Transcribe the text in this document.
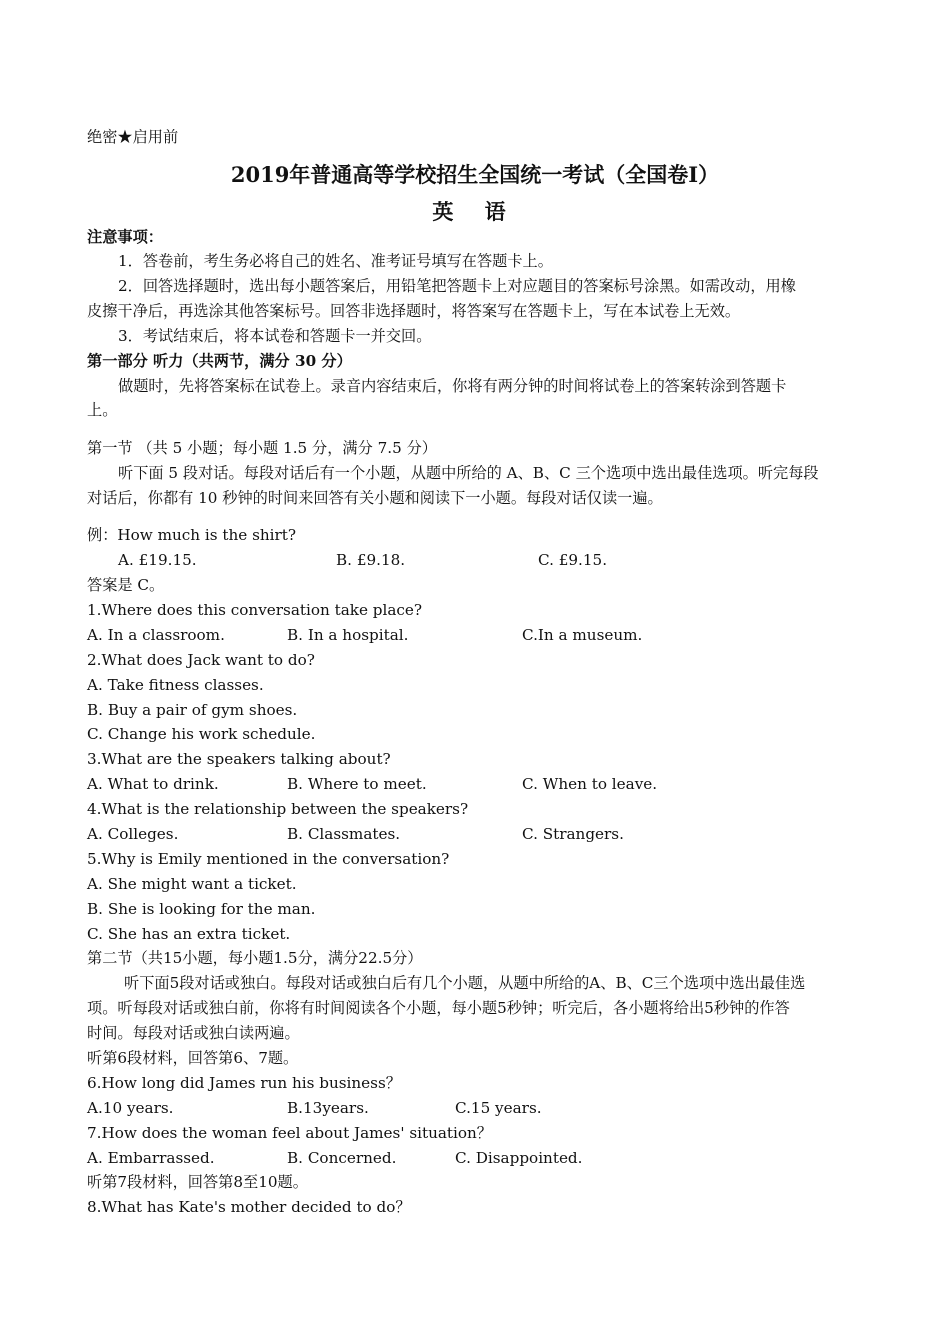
绝密★启用前
2019年普通高等学校招生全国统一考试（全国卷Ⅰ）
英 语
注意事项：
1．答卷前，考生务必将自己的姓名、准考证号填写在答题卡上。
2．回答选择题时，选出每小题答案后，用铅笔把答题卡上对应题目的答案标号涂黑。如需改动，用橡
皮擦干净后，再选涂其他答案标号。回答非选择题时，将答案写在答题卡上，写在本试卷上无效。
3．考试结束后，将本试卷和答题卡一并交回。
第一部分 听力（共两节，满分 30 分）
做题时，先将答案标在试卷上。录音内容结束后，你将有两分钟的时间将试卷上的答案转涂到答题卡
上。
第一节 （共 5 小题；每小题 1.5 分，满分 7.5 分）
听下面 5 段对话。每段对话后有一个小题，从题中所给的 A、B、C 三个选项中选出最佳选项。听完每段
对话后，你都有 10 秒钟的时间来回答有关小题和阅读下一小题。每段对话仅读一遍。
例：How much is the shirt?
A. £19.15.	B. £9.18.	C. £9.15.
答案是 C。
1.Where does this conversation take place?
A. In a classroom.	B. In a hospital.	C.In a museum.
2.What does Jack want to do?
A. Take fitness classes.
B. Buy a pair of gym shoes.
C. Change his work schedule.
3.What are the speakers talking about?
A. What to drink.	B. Where to meet.	C. When to leave.
4.What is the relationship between the speakers?
A. Colleges.	B. Classmates.	C. Strangers.
5.Why is Emily mentioned in the conversation?
A. She might want a ticket.
B. She is looking for the man.
C. She has an extra ticket.
第二节（共15小题，每小题1.5分，满分22.5分）
听下面5段对话或独白。每段对话或独白后有几个小题，从题中所给的A、B、C三个选项中选出最佳选
项。听每段对话或独白前，你将有时间阅读各个小题，每小题5秒钟；听完后，各小题将给出5秒钟的作答
时间。每段对话或独白读两遍。
听第6段材料，回答第6、7题。
6.How long did James run his business？
A.10 years.	B.13years.	C.15 years.
7.How does the woman feel about James' situation？
A. Embarrassed.	B. Concerned.	C. Disappointed.
听第7段材料，回答第8至10题。
8.What has Kate's mother decided to do？
